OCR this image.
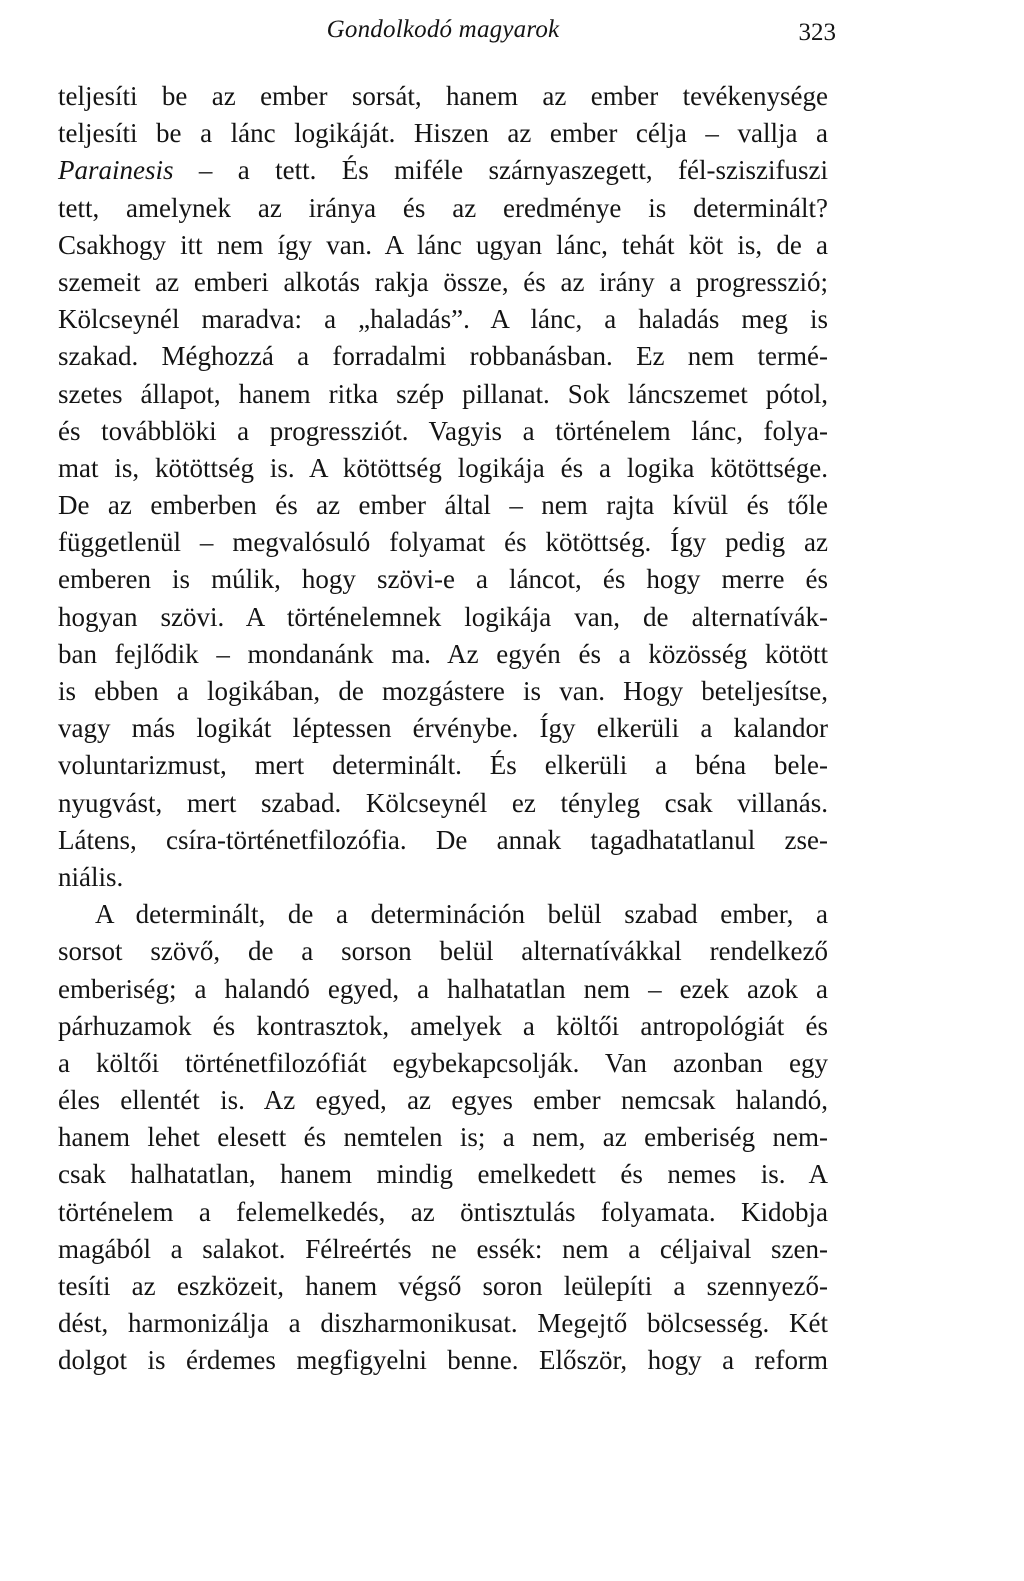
Gondolkodó magyarok	323
teljesíti be az ember sorsát, hanem az ember tevékenysége
teljesíti be a lánc logikáját. Hiszen az ember célja – vallja a
Parainesis – a tett. És miféle szárnyaszegett, fél-sziszifuszi
tett, amelynek az iránya és az eredménye is determinált?
Csakhogy itt nem így van. A lánc ugyan lánc, tehát köt is, de a
szemeit az emberi alkotás rakja össze, és az irány a progresszió;
Kölcseynél maradva: a „haladás”. A lánc, a haladás meg is
szakad. Méghozzá a forradalmi robbanásban. Ez nem termé-
szetes állapot, hanem ritka szép pillanat. Sok láncszemet pótol,
és továbblöki a progressziót. Vagyis a történelem lánc, folya-
mat is, kötöttség is. A kötöttség logikája és a logika kötöttsége.
De az emberben és az ember által – nem rajta kívül és tőle
függetlenül – megvalósuló folyamat és kötöttség. Így pedig az
emberen is múlik, hogy szövi-e a láncot, és hogy merre és
hogyan szövi. A történelemnek logikája van, de alternatívák-
ban fejlődik – mondanánk ma. Az egyén és a közösség kötött
is ebben a logikában, de mozgástere is van. Hogy beteljesítse,
vagy más logikát léptessen érvénybe. Így elkerüli a kalandor
voluntarizmust, mert determinált. És elkerüli a béna bele-
nyugvást, mert szabad. Kölcseynél ez tényleg csak villanás.
Látens, csíra-történetfilozófia. De annak tagadhatatlanul zse-
niális.
A determinált, de a determináción belül szabad ember, a
sorsot szövő, de a sorson belül alternatívákkal rendelkező
emberiség; a halandó egyed, a halhatatlan nem – ezek azok a
párhuzamok és kontrasztok, amelyek a költői antropológiát és
a költői történetfilozófiát egybekapcsolják. Van azonban egy
éles ellentét is. Az egyed, az egyes ember nemcsak halandó,
hanem lehet elesett és nemtelen is; a nem, az emberiség nem-
csak halhatatlan, hanem mindig emelkedett és nemes is. A
történelem a felemelkedés, az öntisztulás folyamata. Kidobja
magából a salakot. Félreértés ne essék: nem a céljaival szen-
tesíti az eszközeit, hanem végső soron leülepíti a szennyező-
dést, harmonizálja a diszharmonikusat. Megejtő bölcsesség. Két
dolgot is érdemes megfigyelni benne. Először, hogy a reform
